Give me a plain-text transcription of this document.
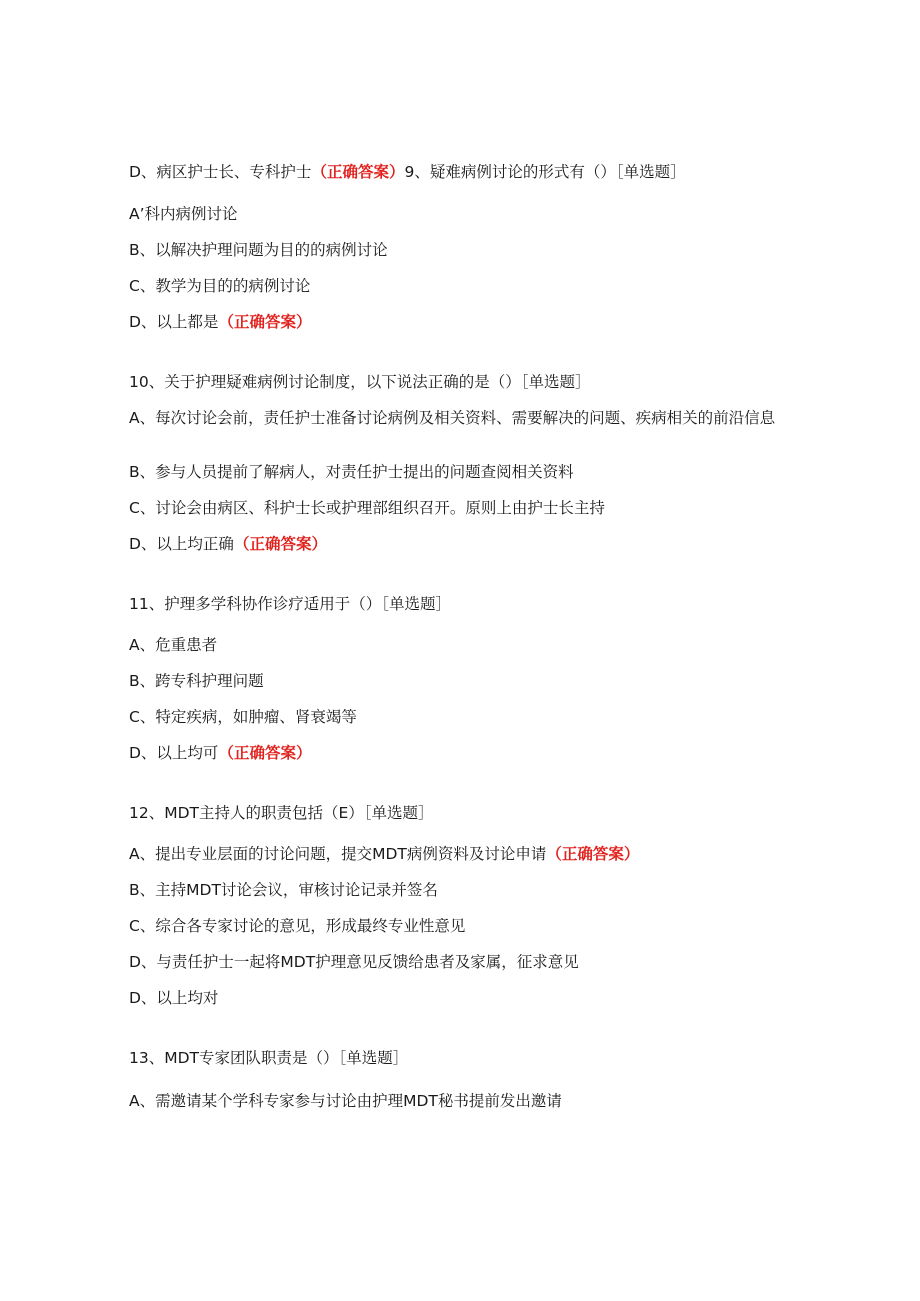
D、病区护士长、专科护士（正确答案）9、疑难病例讨论的形式有（）［单选题］
A’科内病例讨论
B、以解决护理问题为目的的病例讨论
C、教学为目的的病例讨论
D、以上都是（正确答案）
10、关于护理疑难病例讨论制度，以下说法正确的是（）［单选题］
A、每次讨论会前，责任护士准备讨论病例及相关资料、需要解决的问题、疾病相关的前沿信息
B、参与人员提前了解病人，对责任护士提出的问题查阅相关资料
C、讨论会由病区、科护士长或护理部组织召开。原则上由护士长主持
D、以上均正确（正确答案）
11、护理多学科协作诊疗适用于（）［单选题］
A、危重患者
B、跨专科护理问题
C、特定疾病，如肿瘤、肾衰竭等
D、以上均可（正确答案）
12、MDT主持人的职责包括（E）［单选题］
A、提出专业层面的讨论问题，提交MDT病例资料及讨论申请（正确答案）
B、主持MDT讨论会议，审核讨论记录并签名
C、综合各专家讨论的意见，形成最终专业性意见
D、与责任护士一起将MDT护理意见反馈给患者及家属，征求意见
D、以上均对
13、MDT专家团队职责是（）［单选题］
A、需邀请某个学科专家参与讨论由护理MDT秘书提前发出邀请
